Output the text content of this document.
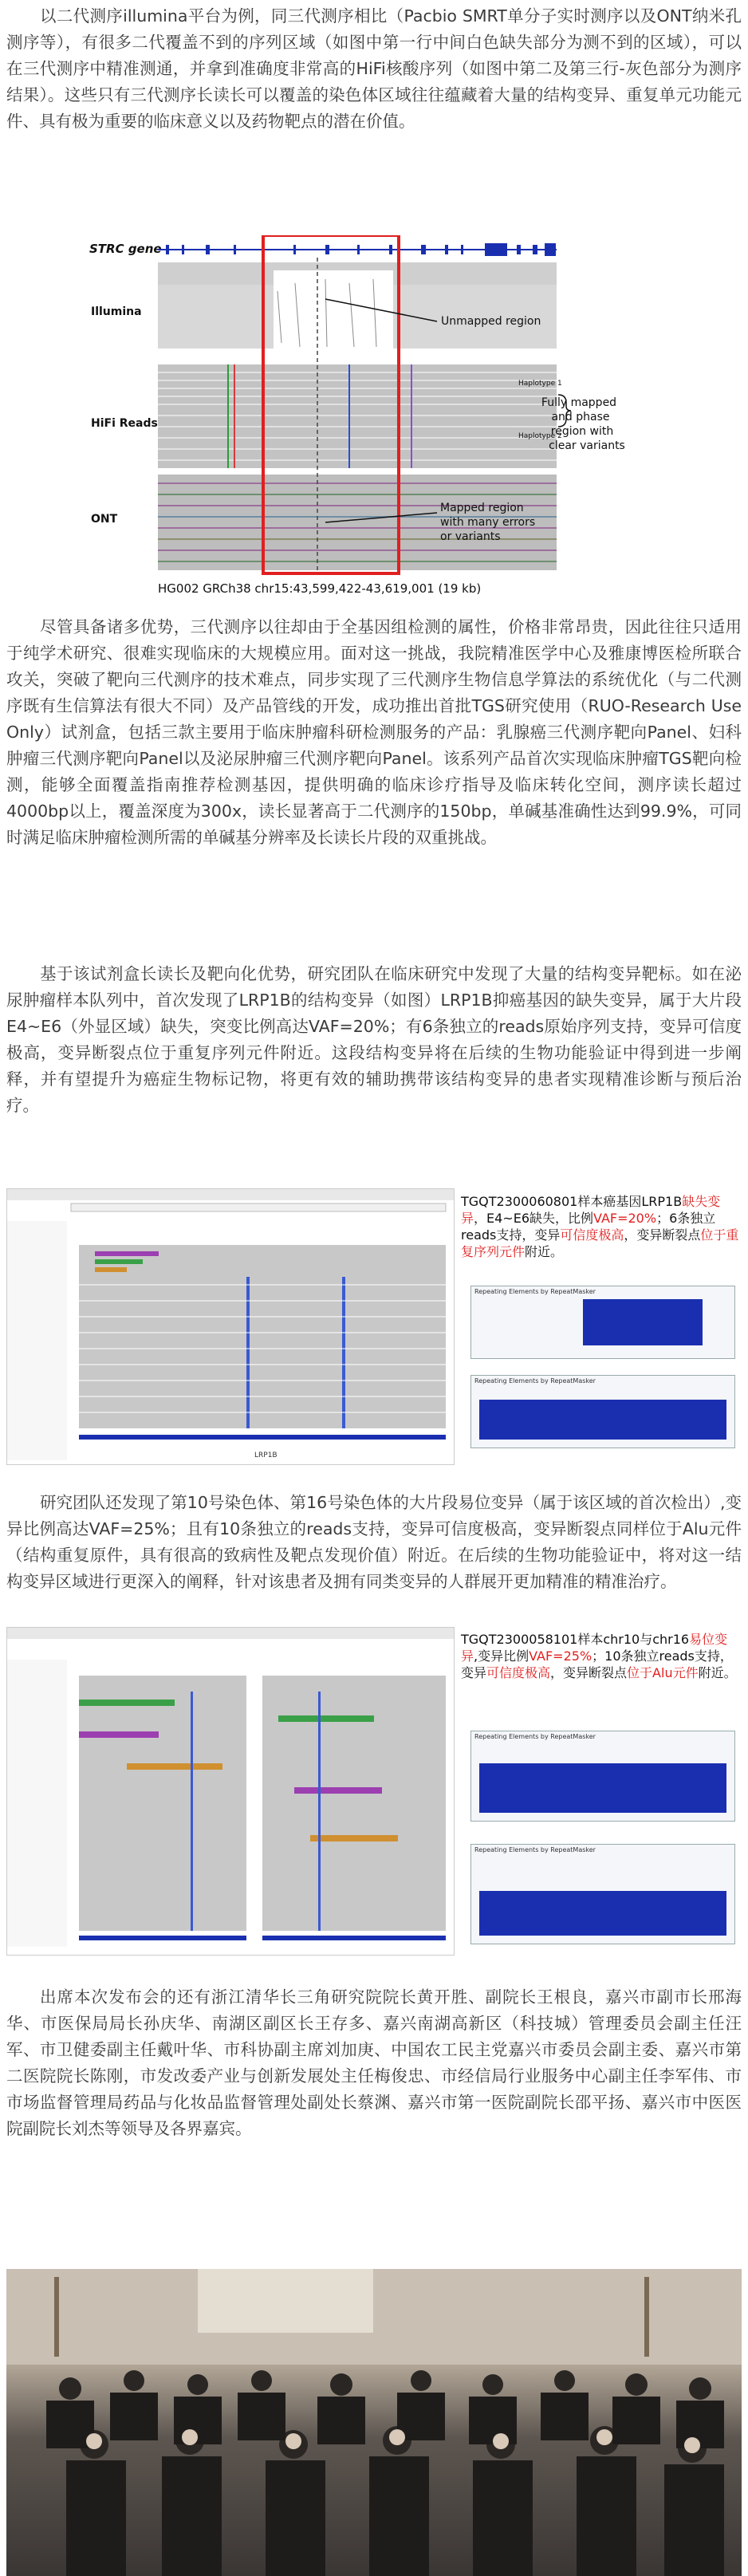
以二代测序illumina平台为例，同三代测序相比（Pacbio SMRT单分子实时测序以及ONT纳米孔测序等），有很多二代覆盖不到的序列区域（如图中第一行中间白色缺失部分为测不到的区域），可以在三代测序中精准测通，并拿到准确度非常高的HiFi核酸序列（如图中第二及第三行-灰色部分为测序结果）。这些只有三代测序长读长可以覆盖的染色体区域往往蕴藏着大量的结构变异、重复单元功能元件、具有极为重要的临床意义以及药物靶点的潜在价值。

STRC gene
Illumina
HiFi Reads
ONT
Unmapped region
Haplotype 1
Haplotype 2
Fully mapped
and phase
region with
clear variants
Mapped region
with many errors
or variants
HG002 GRCh38 chr15:43,599,422-43,619,001 (19 kb)

尽管具备诸多优势，三代测序以往却由于全基因组检测的属性，价格非常昂贵，因此往往只适用于纯学术研究、很难实现临床的大规模应用。面对这一挑战，我院精准医学中心及雅康博医检所联合攻关，突破了靶向三代测序的技术难点，同步实现了三代测序生物信息学算法的系统优化（与二代测序既有生信算法有很大不同）及产品管线的开发，成功推出首批TGS研究使用（RUO-Research Use Only）试剂盒，包括三款主要用于临床肿瘤科研检测服务的产品：乳腺癌三代测序靶向Panel、妇科肿瘤三代测序靶向Panel以及泌尿肿瘤三代测序靶向Panel。该系列产品首次实现临床肿瘤TGS靶向检测，能够全面覆盖指南推荐检测基因，提供明确的临床诊疗指导及临床转化空间，测序读长超过4000bp以上，覆盖深度为300x，读长显著高于二代测序的150bp，单碱基准确性达到99.9%，可同时满足临床肿瘤检测所需的单碱基分辨率及长读长片段的双重挑战。

基于该试剂盒长读长及靶向化优势，研究团队在临床研究中发现了大量的结构变异靶标。如在泌尿肿瘤样本队列中，首次发现了LRP1B的结构变异（如图）LRP1B抑癌基因的缺失变异，属于大片段E4~E6（外显区域）缺失，突变比例高达VAF=20%；有6条独立的reads原始序列支持，变异可信度极高，变异断裂点位于重复序列元件附近。这段结构变异将在后续的生物功能验证中得到进一步阐释，并有望提升为癌症生物标记物，将更有效的辅助携带该结构变异的患者实现精准诊断与预后治疗。

LRP1B
TGQT2300060801样本癌基因LRP1B缺失变异，E4~E6缺失，比例VAF=20%；6条独立reads支持，变异可信度极高，变异断裂点位于重复序列元件附近。
Repeating Elements by RepeatMasker
Repeating Elements by RepeatMasker

研究团队还发现了第10号染色体、第16号染色体的大片段易位变异（属于该区域的首次检出）,变异比例高达VAF=25%；且有10条独立的reads支持，变异可信度极高，变异断裂点同样位于Alu元件（结构重复原件，具有很高的致病性及靶点发现价值）附近。在后续的生物功能验证中，将对这一结构变异区域进行更深入的阐释，针对该患者及拥有同类变异的人群展开更加精准的精准治疗。

TGQT2300058101样本chr10与chr16易位变异,变异比例VAF=25%；10条独立reads支持，变异可信度极高，变异断裂点位于Alu元件附近。
Repeating Elements by RepeatMasker
Repeating Elements by RepeatMasker

出席本次发布会的还有浙江清华长三角研究院院长黄开胜、副院长王根良，嘉兴市副市长邢海华、市医保局局长孙庆华、南湖区副区长王存多、嘉兴南湖高新区（科技城）管理委员会副主任汪军、市卫健委副主任戴叶华、市科协副主席刘加庚、中国农工民主党嘉兴市委员会副主委、嘉兴市第二医院院长陈刚，市发改委产业与创新发展处主任梅俊忠、市经信局行业服务中心副主任李军伟、市市场监督管理局药品与化妆品监督管理处副处长蔡渊、嘉兴市第一医院副院长邵平扬、嘉兴市中医医院副院长刘杰等领导及各界嘉宾。
